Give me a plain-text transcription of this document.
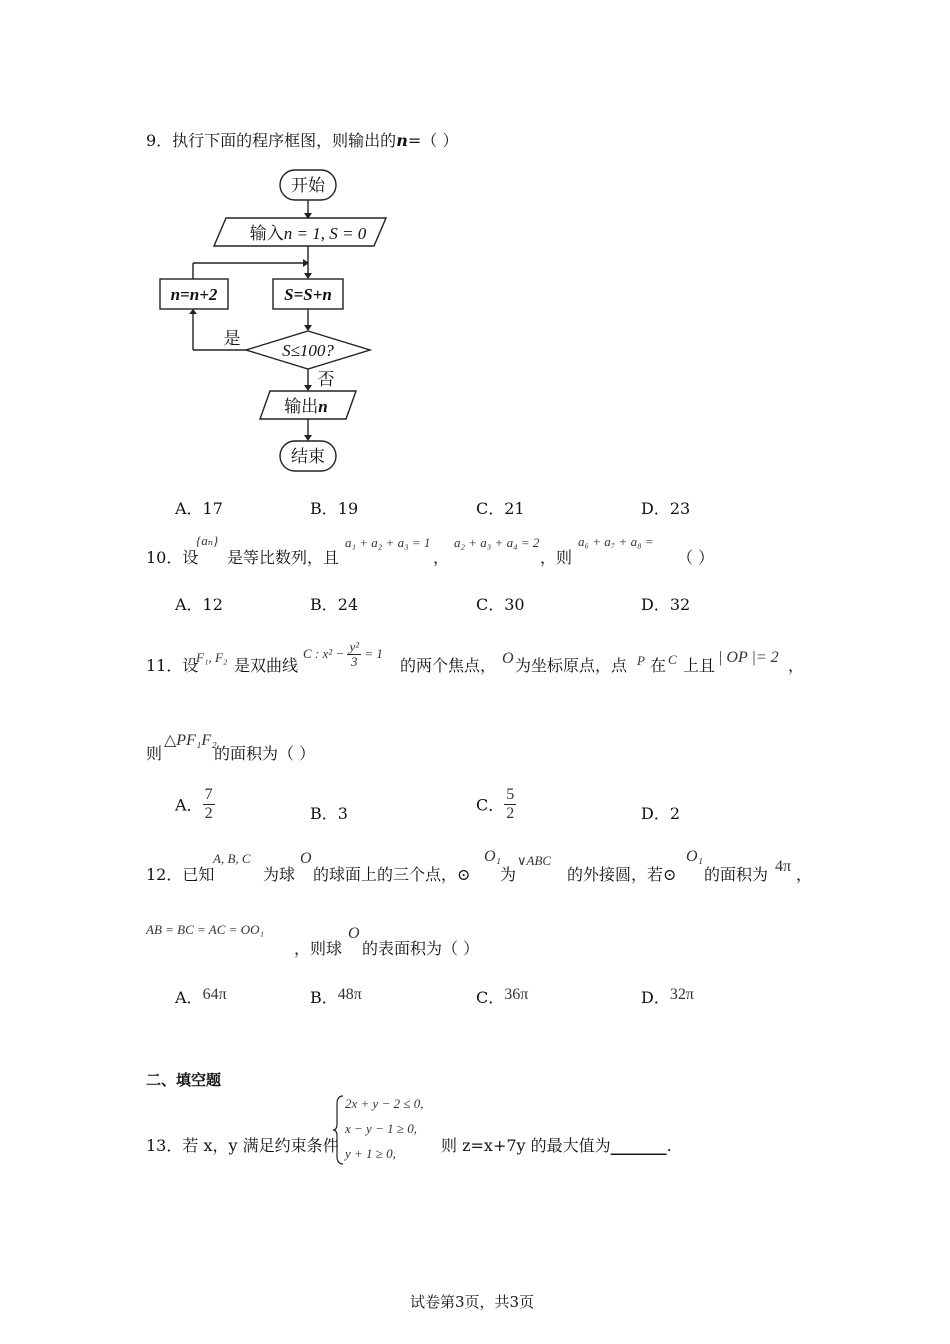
9．执行下面的程序框图，则输出的n=（ ）
开始
输入n = 1, S = 0
S=S+n
n=n+2
S≤100?
是
否
输出n
结束
A．17	B．19	C．21	D．23
10．设
{aₙ}
是等比数列，且
a₁ + a₂ + a₃ = 1
，
a₂ + a₃ + a₄ = 2
，则
a₆ + a₇ + a₈ =
（ ）
A．12	B．24	C．30	D．32
11．设
F₁, F₂ 是双曲线
C : $x^2 - \frac{\text{y²}}{3} = 1$
的两个焦点， O 为坐标原点，点 P 在 C 上且 | OP |= 2 ，
则
△PF₁F₂
的面积为（ ）
A． $\frac{7}{2}$	B．3	C． $\frac{5}{2}$	D．2
12．已知
A, B, C
为球
O
的球面上的三个点，⊙
O₁
为
∨ABC
的外接圆，若⊙
O₁
的面积为 4π ，
AB = BC = AC = OO₁
，则球
O
的表面积为（ ）
A．64π	B．48π	C．36π	D．32π
二、填空题
13．若 x，y 满足约束条件
2x + y − 2 ≤ 0,
x − y − 1 ≥ 0,
y + 1 ≥ 0,	则 z=x+7y 的最大值为_______.
试卷第3页，共3页
